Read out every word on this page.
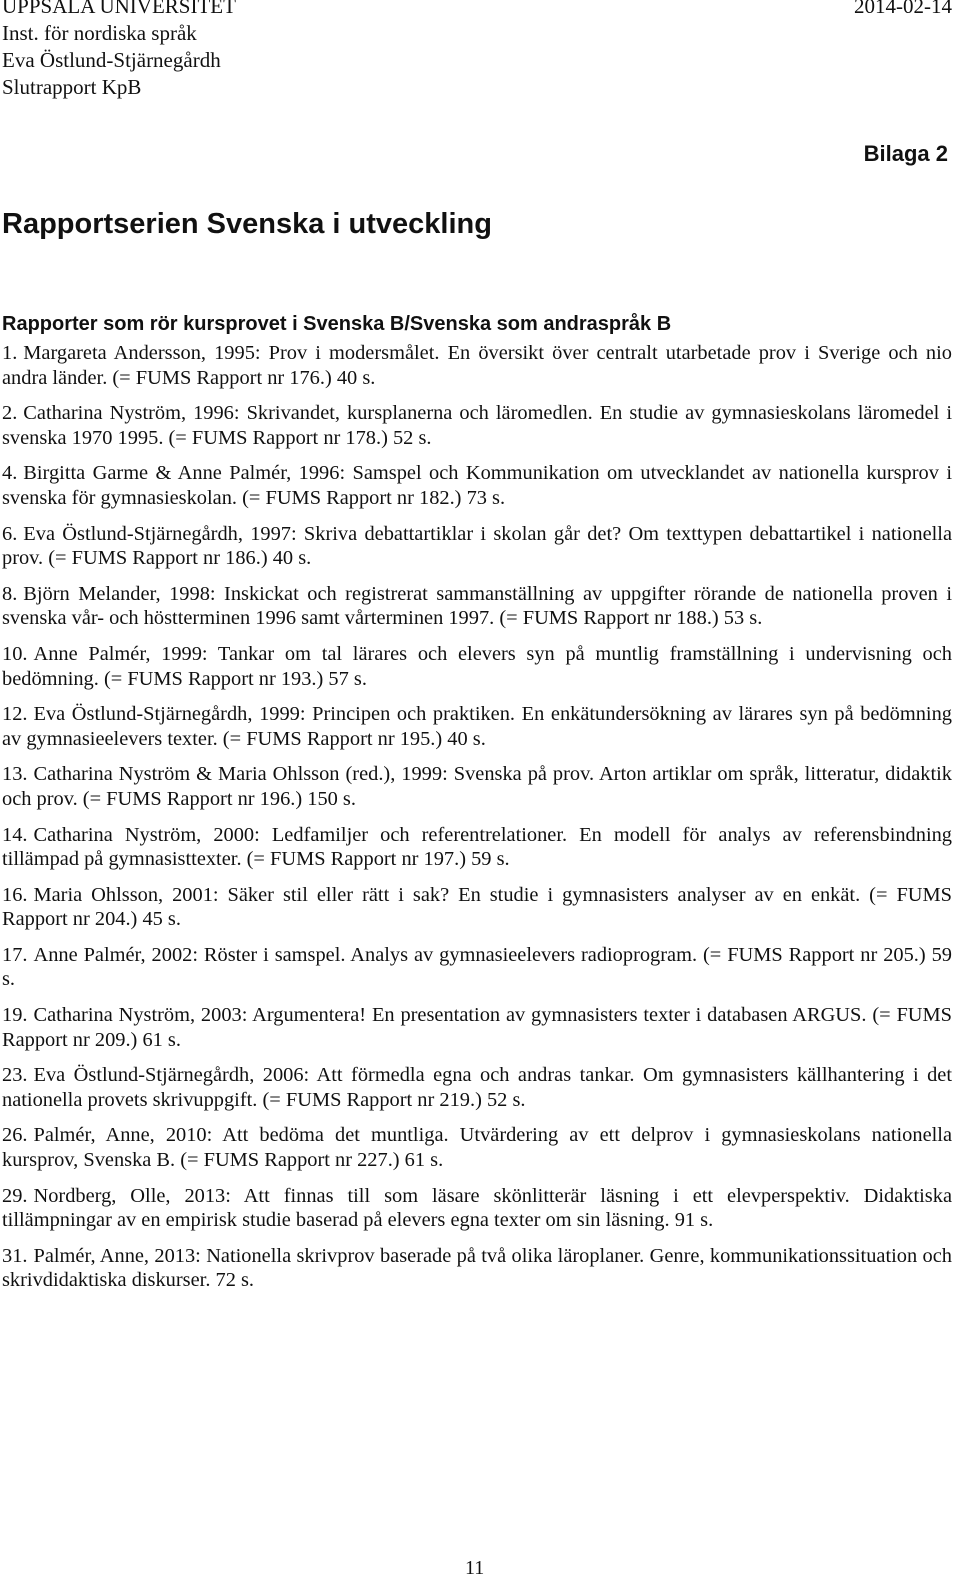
UPPSALA UNIVERSITET
Inst. för nordiska språk
Eva Östlund-Stjärnegårdh
Slutrapport KpB
2014-02-14
Bilaga 2
Rapportserien Svenska i utveckling
Rapporter som rör kursprovet i Svenska B/Svenska som andraspråk B
1. Margareta Andersson, 1995: Prov i modersmålet. En översikt över centralt utarbetade prov i Sverige och nio andra länder. (= FUMS Rapport nr 176.) 40 s.
2. Catharina Nyström, 1996: Skrivandet, kursplanerna och läromedlen. En studie av gymnasieskolans läromedel i svenska 1970 1995. (= FUMS Rapport nr 178.) 52 s.
4. Birgitta Garme & Anne Palmér, 1996: Samspel och Kommunikation om utvecklandet av nationella kursprov i svenska för gymnasieskolan. (= FUMS Rapport nr 182.) 73 s.
6. Eva Östlund-Stjärnegårdh, 1997: Skriva debattartiklar i skolan går det? Om texttypen debattartikel i nationella prov. (= FUMS Rapport nr 186.) 40 s.
8. Björn Melander, 1998: Inskickat och registrerat sammanställning av uppgifter rörande de nationella proven i svenska vår- och höstterminen 1996 samt vårterminen 1997. (= FUMS Rapport nr 188.) 53 s.
10. Anne Palmér, 1999: Tankar om tal lärares och elevers syn på muntlig framställning i undervisning och bedömning. (= FUMS Rapport nr 193.) 57 s.
12. Eva Östlund-Stjärnegårdh, 1999: Principen och praktiken. En enkätundersökning av lärares syn på bedömning av gymnasieelevers texter. (= FUMS Rapport nr 195.) 40 s.
13. Catharina Nyström & Maria Ohlsson (red.), 1999: Svenska på prov. Arton artiklar om språk, litteratur, didaktik och prov. (= FUMS Rapport nr 196.) 150 s.
14. Catharina Nyström, 2000: Ledfamiljer och referentrelationer. En modell för analys av referensbindning tillämpad på gymnasisttexter. (= FUMS Rapport nr 197.) 59 s.
16. Maria Ohlsson, 2001: Säker stil eller rätt i sak? En studie i gymnasisters analyser av en enkät. (= FUMS Rapport nr 204.) 45 s.
17. Anne Palmér, 2002: Röster i samspel. Analys av gymnasieelevers radioprogram. (= FUMS Rapport nr 205.) 59 s.
19. Catharina Nyström, 2003: Argumentera! En presentation av gymnasisters texter i databasen ARGUS. (= FUMS Rapport nr 209.) 61 s.
23. Eva Östlund-Stjärnegårdh, 2006: Att förmedla egna och andras tankar. Om gymnasisters källhantering i det nationella provets skrivuppgift. (= FUMS Rapport nr 219.) 52 s.
26. Palmér, Anne, 2010: Att bedöma det muntliga. Utvärdering av ett delprov i gymnasieskolans nationella kursprov, Svenska B. (= FUMS Rapport nr 227.) 61 s.
29. Nordberg, Olle, 2013: Att finnas till som läsare skönlitterär läsning i ett elevperspektiv. Didaktiska tillämpningar av en empirisk studie baserad på elevers egna texter om sin läsning. 91 s.
31. Palmér, Anne, 2013: Nationella skrivprov baserade på två olika läroplaner. Genre, kommunikationssituation och skrivdidaktiska diskurser. 72 s.
11
